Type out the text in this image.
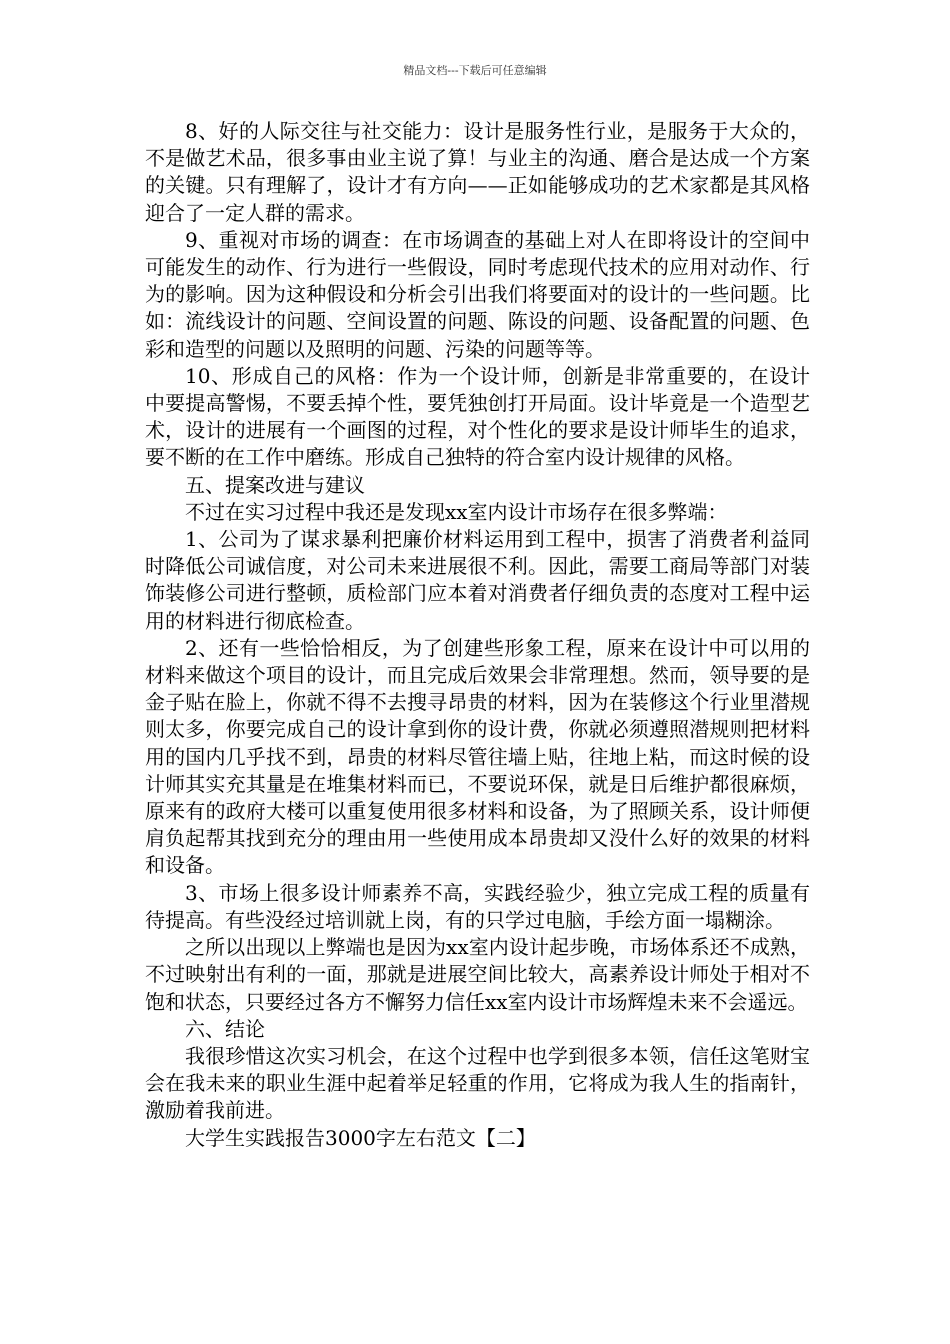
精品文档---下载后可任意编辑

8、好的人际交往与社交能力：设计是服务性行业，是服务于大众的，不是做艺术品，很多事由业主说了算！与业主的沟通、磨合是达成一个方案的关键。只有理解了，设计才有方向——正如能够成功的艺术家都是其风格迎合了一定人群的需求。

9、重视对市场的调查：在市场调查的基础上对人在即将设计的空间中可能发生的动作、行为进行一些假设，同时考虑现代技术的应用对动作、行为的影响。因为这种假设和分析会引出我们将要面对的设计的一些问题。比如：流线设计的问题、空间设置的问题、陈设的问题、设备配置的问题、色彩和造型的问题以及照明的问题、污染的问题等等。

10、形成自己的风格：作为一个设计师，创新是非常重要的，在设计中要提高警惕，不要丢掉个性，要凭独创打开局面。设计毕竟是一个造型艺术，设计的进展有一个画图的过程，对个性化的要求是设计师毕生的追求，要不断的在工作中磨练。形成自己独特的符合室内设计规律的风格。

五、提案改进与建议

不过在实习过程中我还是发现xx室内设计市场存在很多弊端：

1、公司为了谋求暴利把廉价材料运用到工程中，损害了消费者利益同时降低公司诚信度，对公司未来进展很不利。因此，需要工商局等部门对装饰装修公司进行整顿，质检部门应本着对消费者仔细负责的态度对工程中运用的材料进行彻底检查。

2、还有一些恰恰相反，为了创建些形象工程，原来在设计中可以用的材料来做这个项目的设计，而且完成后效果会非常理想。然而，领导要的是金子贴在脸上，你就不得不去搜寻昂贵的材料，因为在装修这个行业里潜规则太多，你要完成自己的设计拿到你的设计费，你就必须遵照潜规则把材料用的国内几乎找不到，昂贵的材料尽管往墙上贴，往地上粘，而这时候的设计师其实充其量是在堆集材料而已，不要说环保，就是日后维护都很麻烦，原来有的政府大楼可以重复使用很多材料和设备，为了照顾关系，设计师便肩负起帮其找到充分的理由用一些使用成本昂贵却又没什么好的效果的材料和设备。

3、市场上很多设计师素养不高，实践经验少，独立完成工程的质量有待提高。有些没经过培训就上岗，有的只学过电脑，手绘方面一塌糊涂。

之所以出现以上弊端也是因为xx室内设计起步晚，市场体系还不成熟，不过映射出有利的一面，那就是进展空间比较大，高素养设计师处于相对不饱和状态，只要经过各方不懈努力信任xx室内设计市场辉煌未来不会遥远。

六、结论

我很珍惜这次实习机会，在这个过程中也学到很多本领，信任这笔财宝会在我未来的职业生涯中起着举足轻重的作用，它将成为我人生的指南针，激励着我前进。

大学生实践报告3000字左右范文【二】
